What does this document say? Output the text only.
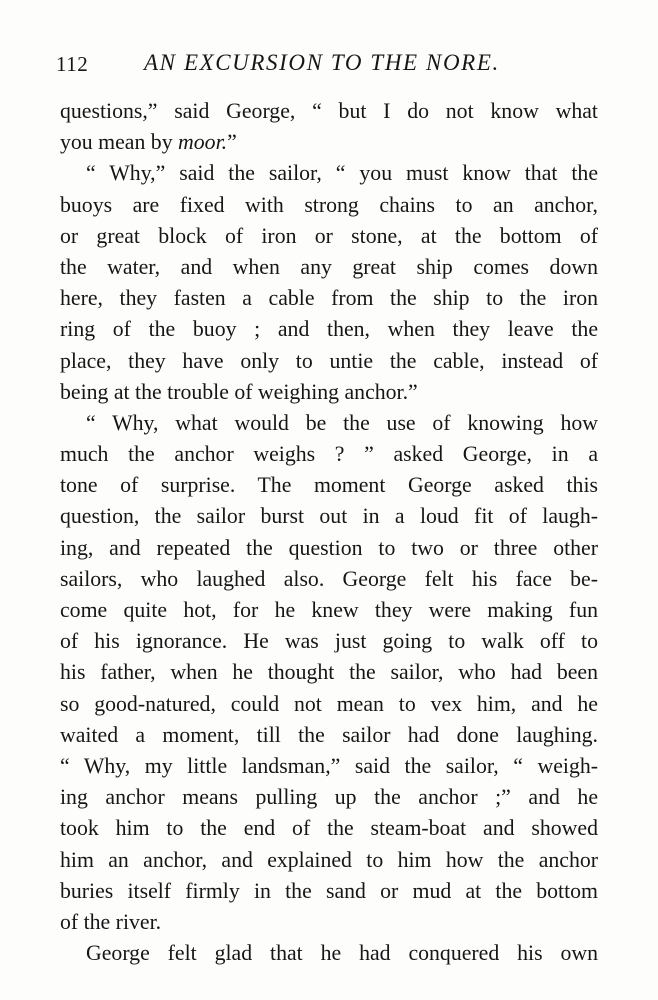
112 AN EXCURSION TO THE NORE.
questions,” said George, “ but I do not know what
you mean by moor.”
“ Why,” said the sailor, “ you must know that the
buoys are fixed with strong chains to an anchor,
or great block of iron or stone, at the bottom of
the water, and when any great ship comes down
here, they fasten a cable from the ship to the iron
ring of the buoy ; and then, when they leave the
place, they have only to untie the cable, instead of
being at the trouble of weighing anchor.”
“ Why, what would be the use of knowing how
much the anchor weighs ? ” asked George, in a
tone of surprise. The moment George asked this
question, the sailor burst out in a loud fit of laugh-
ing, and repeated the question to two or three other
sailors, who laughed also. George felt his face be-
come quite hot, for he knew they were making fun
of his ignorance. He was just going to walk off to
his father, when he thought the sailor, who had been
so good-natured, could not mean to vex him, and he
waited a moment, till the sailor had done laughing.
“ Why, my little landsman,” said the sailor, “ weigh-
ing anchor means pulling up the anchor ;” and he
took him to the end of the steam-boat and showed
him an anchor, and explained to him how the anchor
buries itself firmly in the sand or mud at the bottom
of the river.
George felt glad that he had conquered his own
